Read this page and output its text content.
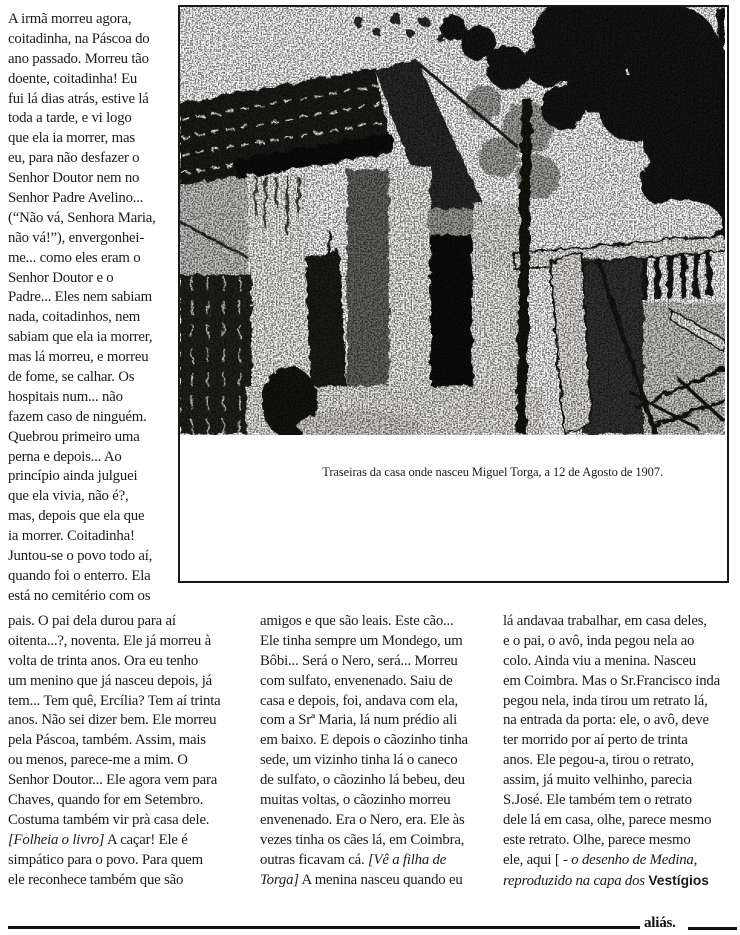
A irmã morreu agora,
coitadinha, na Páscoa do
ano passado. Morreu tão
doente, coitadinha! Eu
fui lá dias atrás, estive lá
toda a tarde, e vi logo
que ela ia morrer, mas
eu, para não desfazer o
Senhor Doutor nem no
Senhor Padre Avelino...
(“Não vá, Senhora Maria,
não vá!”), envergonhei-
me... como eles eram o
Senhor Doutor e o
Padre... Eles nem sabiam
nada, coitadinhos, nem
sabiam que ela ia morrer,
mas lá morreu, e morreu
de fome, se calhar. Os
hospitais num... não
fazem caso de ninguém.
Quebrou primeiro uma
perna e depois... Ao
princípio ainda julguei
que ela vivia, não é?,
mas, depois que ela que
ia morrer. Coitadinha!
Juntou-se o povo todo aí,
quando foi o enterro. Ela
está no cemitério com os
pais. O pai dela durou para aí
oitenta...?, noventa. Ele já morreu à
volta de trinta anos. Ora eu tenho
um menino que já nasceu depois, já
tem... Tem quê, Ercília? Tem aí trinta
anos. Não sei dizer bem. Ele morreu
pela Páscoa, também. Assim, mais
ou menos, parece-me a mim. O
Senhor Doutor... Ele agora vem para
Chaves, quando for em Setembro.
Costuma também vir prà casa dele.
[Folheia o livro] A caçar! Ele é
simpático para o povo. Para quem
ele reconhece também que são
amigos e que são leais. Este cão...
Ele tinha sempre um Mondego, um
Bôbi... Será o Nero, será... Morreu
com sulfato, envenenado. Saiu de
casa e depois, foi, andava com ela,
com a Srª Maria, lá num prédio ali
em baixo. E depois o cãozinho tinha
sede, um vizinho tinha lá o caneco
de sulfato, o cãozinho lá bebeu, deu
muitas voltas, o cãozinho morreu
envenenado. Era o Nero, era. Ele às
vezes tinha os cães lá, em Coimbra,
outras ficavam cá. [Vê a filha de
Torga] A menina nasceu quando eu
lá andavaa trabalhar, em casa deles,
e o pai, o avô, inda pegou nela ao
colo. Ainda viu a menina. Nasceu
em Coimbra. Mas o Sr.Francisco inda
pegou nela, inda tirou um retrato lá,
na entrada da porta: ele, o avô, deve
ter morrido por aí perto de trinta
anos. Ele pegou-a, tirou o retrato,
assim, já muito velhinho, parecia
S.José. Ele também tem o retrato
dele lá em casa, olhe, parece mesmo
este retrato. Olhe, parece mesmo
ele, aqui [ - o desenho de Medina,
reproduzido na capa dos Vestígios
Traseiras da casa onde nasceu Miguel Torga, a 12 de Agosto de 1907.
aliás.
